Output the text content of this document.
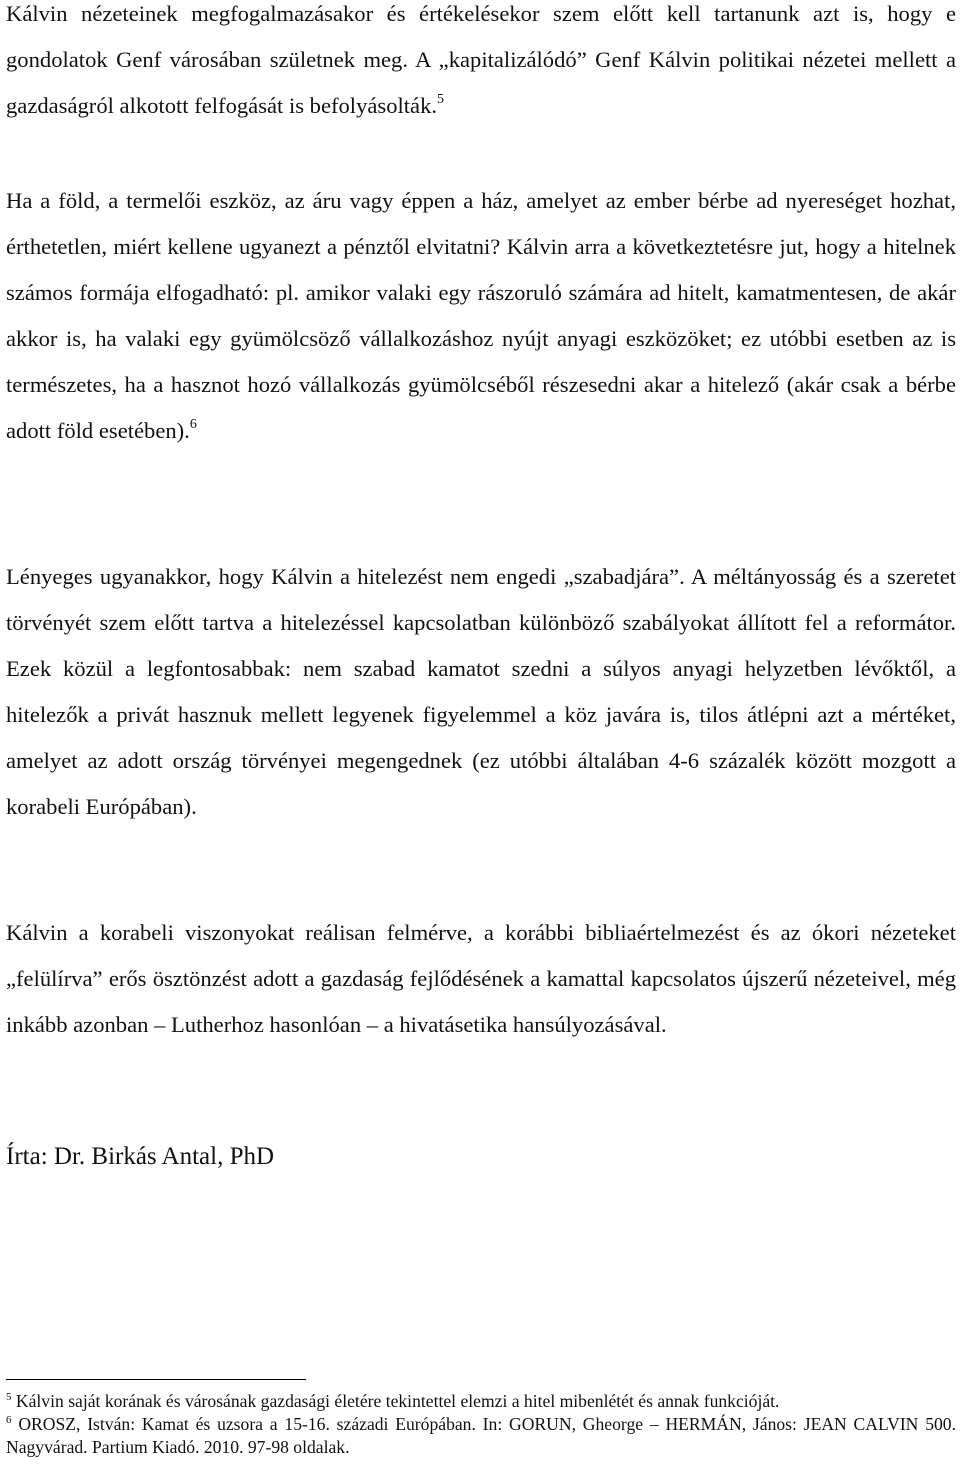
Kálvin nézeteinek megfogalmazásakor és értékelésekor szem előtt kell tartanunk azt is, hogy e gondolatok Genf városában születnek meg. A „kapitalizálódó” Genf Kálvin politikai nézetei mellett a gazdaságról alkotott felfogását is befolyásolták.$^5$

Ha a föld, a termelői eszköz, az áru vagy éppen a ház, amelyet az ember bérbe ad nyereséget hozhat, érthetetlen, miért kellene ugyanezt a pénztől elvitatni? Kálvin arra a következtetésre jut, hogy a hitelnek számos formája elfogadható: pl. amikor valaki egy rászoruló számára ad hitelt, kamatmentesen, de akár akkor is, ha valaki egy gyümölcsöző vállalkozáshoz nyújt anyagi eszközöket; ez utóbbi esetben az is természetes, ha a hasznot hozó vállalkozás gyümölcséből részesedni akar a hitelező (akár csak a bérbe adott föld esetében).$^6$

Lényeges ugyanakkor, hogy Kálvin a hitelezést nem engedi „szabadjára”. A méltányosság és a szeretet törvényét szem előtt tartva a hitelezéssel kapcsolatban különböző szabályokat állított fel a reformátor. Ezek közül a legfontosabbak: nem szabad kamatot szedni a súlyos anyagi helyzetben lévőktől, a hitelezők a privát hasznuk mellett legyenek figyelemmel a köz javára is, tilos átlépni azt a mértéket, amelyet az adott ország törvényei megengednek (ez utóbbi általában 4-6 százalék között mozgott a korabeli Európában).

Kálvin a korabeli viszonyokat reálisan felmérve, a korábbi bibliaértelmezést és az ókori nézeteket „felülírva” erős ösztönzést adott a gazdaság fejlődésének a kamattal kapcsolatos újszerű nézeteivel, még inkább azonban – Lutherhoz hasonlóan – a hivatásetika hansúlyozásával.

Írta: Dr. Birkás Antal, PhD

$^5$ Kálvin saját korának és városának gazdasági életére tekintettel elemzi a hitel mibenlétét és annak funkcióját.

$^6$ OROSZ, István: Kamat és uzsora a 15-16. századi Európában. In: GORUN, Gheorge – HERMÁN, János: JEAN CALVIN 500. Nagyvárad. Partium Kiadó. 2010. 97-98 oldalak.
